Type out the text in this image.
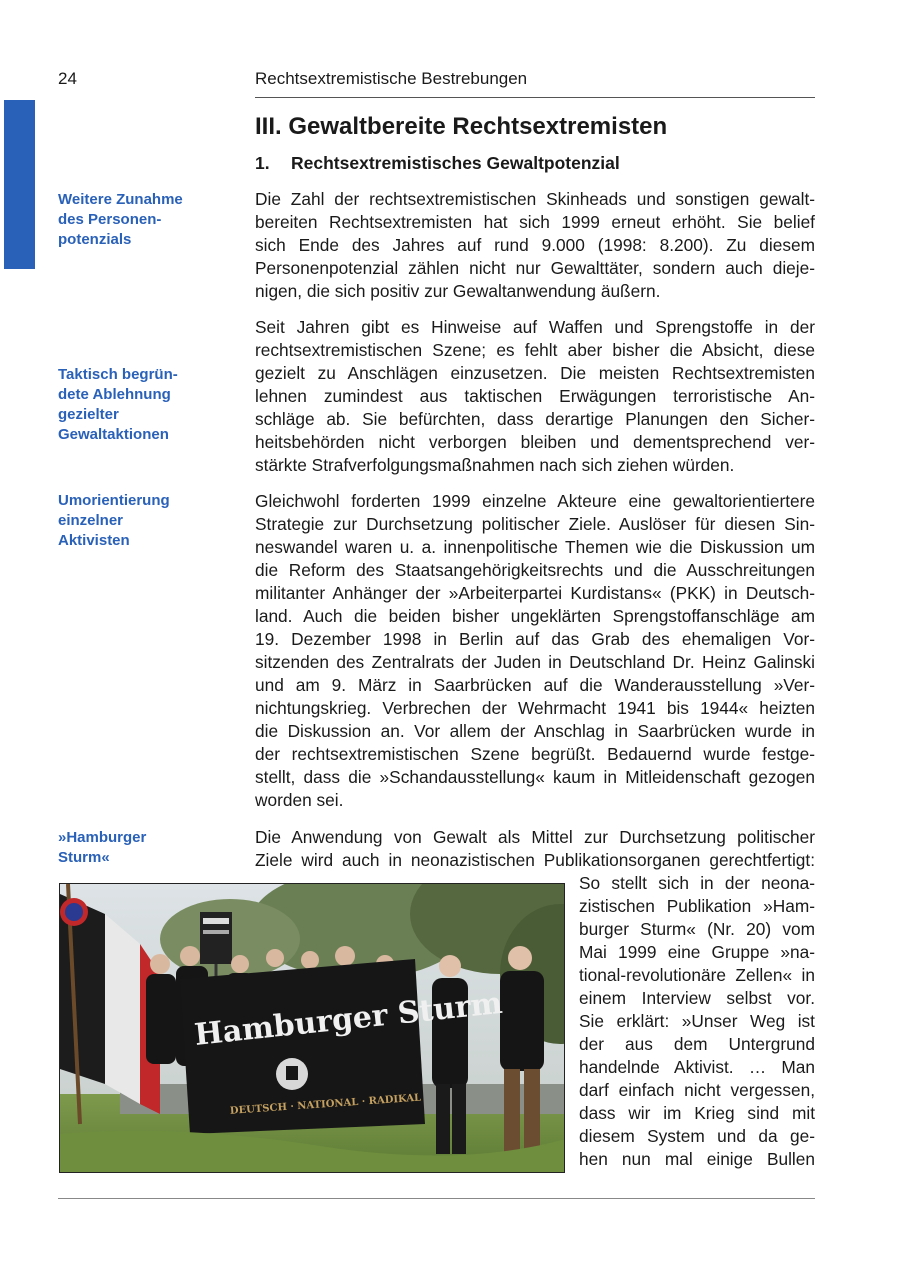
24	Rechtsextremistische Bestrebungen
III. Gewaltbereite Rechtsextremisten
1. Rechtsextremistisches Gewaltpotenzial
Weitere Zunahme
des Personen-
potenzials
Taktisch begrün-
dete Ablehnung
gezielter
Gewaltaktionen
Umorientierung
einzelner
Aktivisten
»Hamburger
Sturm«
Die Zahl der rechtsextremistischen Skinheads und sonstigen gewalt-
bereiten Rechtsextremisten hat sich 1999 erneut erhöht. Sie belief
sich Ende des Jahres auf rund 9.000 (1998: 8.200). Zu diesem
Personenpotenzial zählen nicht nur Gewalttäter, sondern auch dieje-
nigen, die sich positiv zur Gewaltanwendung äußern.
Seit Jahren gibt es Hinweise auf Waffen und Sprengstoffe in der
rechtsextremistischen Szene; es fehlt aber bisher die Absicht, diese
gezielt zu Anschlägen einzusetzen. Die meisten Rechtsextremisten
lehnen zumindest aus taktischen Erwägungen terroristische An-
schläge ab. Sie befürchten, dass derartige Planungen den Sicher-
heitsbehörden nicht verborgen bleiben und dementsprechend ver-
stärkte Strafverfolgungsmaßnahmen nach sich ziehen würden.
Gleichwohl forderten 1999 einzelne Akteure eine gewaltorientiertere
Strategie zur Durchsetzung politischer Ziele. Auslöser für diesen Sin-
neswandel waren u. a. innenpolitische Themen wie die Diskussion um
die Reform des Staatsangehörigkeitsrechts und die Ausschreitungen
militanter Anhänger der »Arbeiterpartei Kurdistans« (PKK) in Deutsch-
land. Auch die beiden bisher ungeklärten Sprengstoffanschläge am
19. Dezember 1998 in Berlin auf das Grab des ehemaligen Vor-
sitzenden des Zentralrats der Juden in Deutschland Dr. Heinz Galinski
und am 9. März in Saarbrücken auf die Wanderausstellung »Ver-
nichtungskrieg. Verbrechen der Wehrmacht 1941 bis 1944« heizten
die Diskussion an. Vor allem der Anschlag in Saarbrücken wurde in
der rechtsextremistischen Szene begrüßt. Bedauernd wurde festge-
stellt, dass die »Schandausstellung« kaum in Mitleidenschaft gezogen
worden sei.
Die Anwendung von Gewalt als Mittel zur Durchsetzung politischer
Ziele wird auch in neonazistischen Publikationsorganen gerechtfertigt:
So stellt sich in der neona-
zistischen Publikation »Ham-
burger Sturm« (Nr. 20) vom
Mai 1999 eine Gruppe »na-
tional-revolutionäre Zellen« in
einem Interview selbst vor.
Sie erklärt: »Unser Weg ist
der aus dem Untergrund
handelnde Aktivist. … Man
darf einfach nicht vergessen,
dass wir im Krieg sind mit
diesem System und da ge-
hen nun mal einige Bullen
Hamburger Sturm
DEUTSCH · NATIONAL · RADIKAL
